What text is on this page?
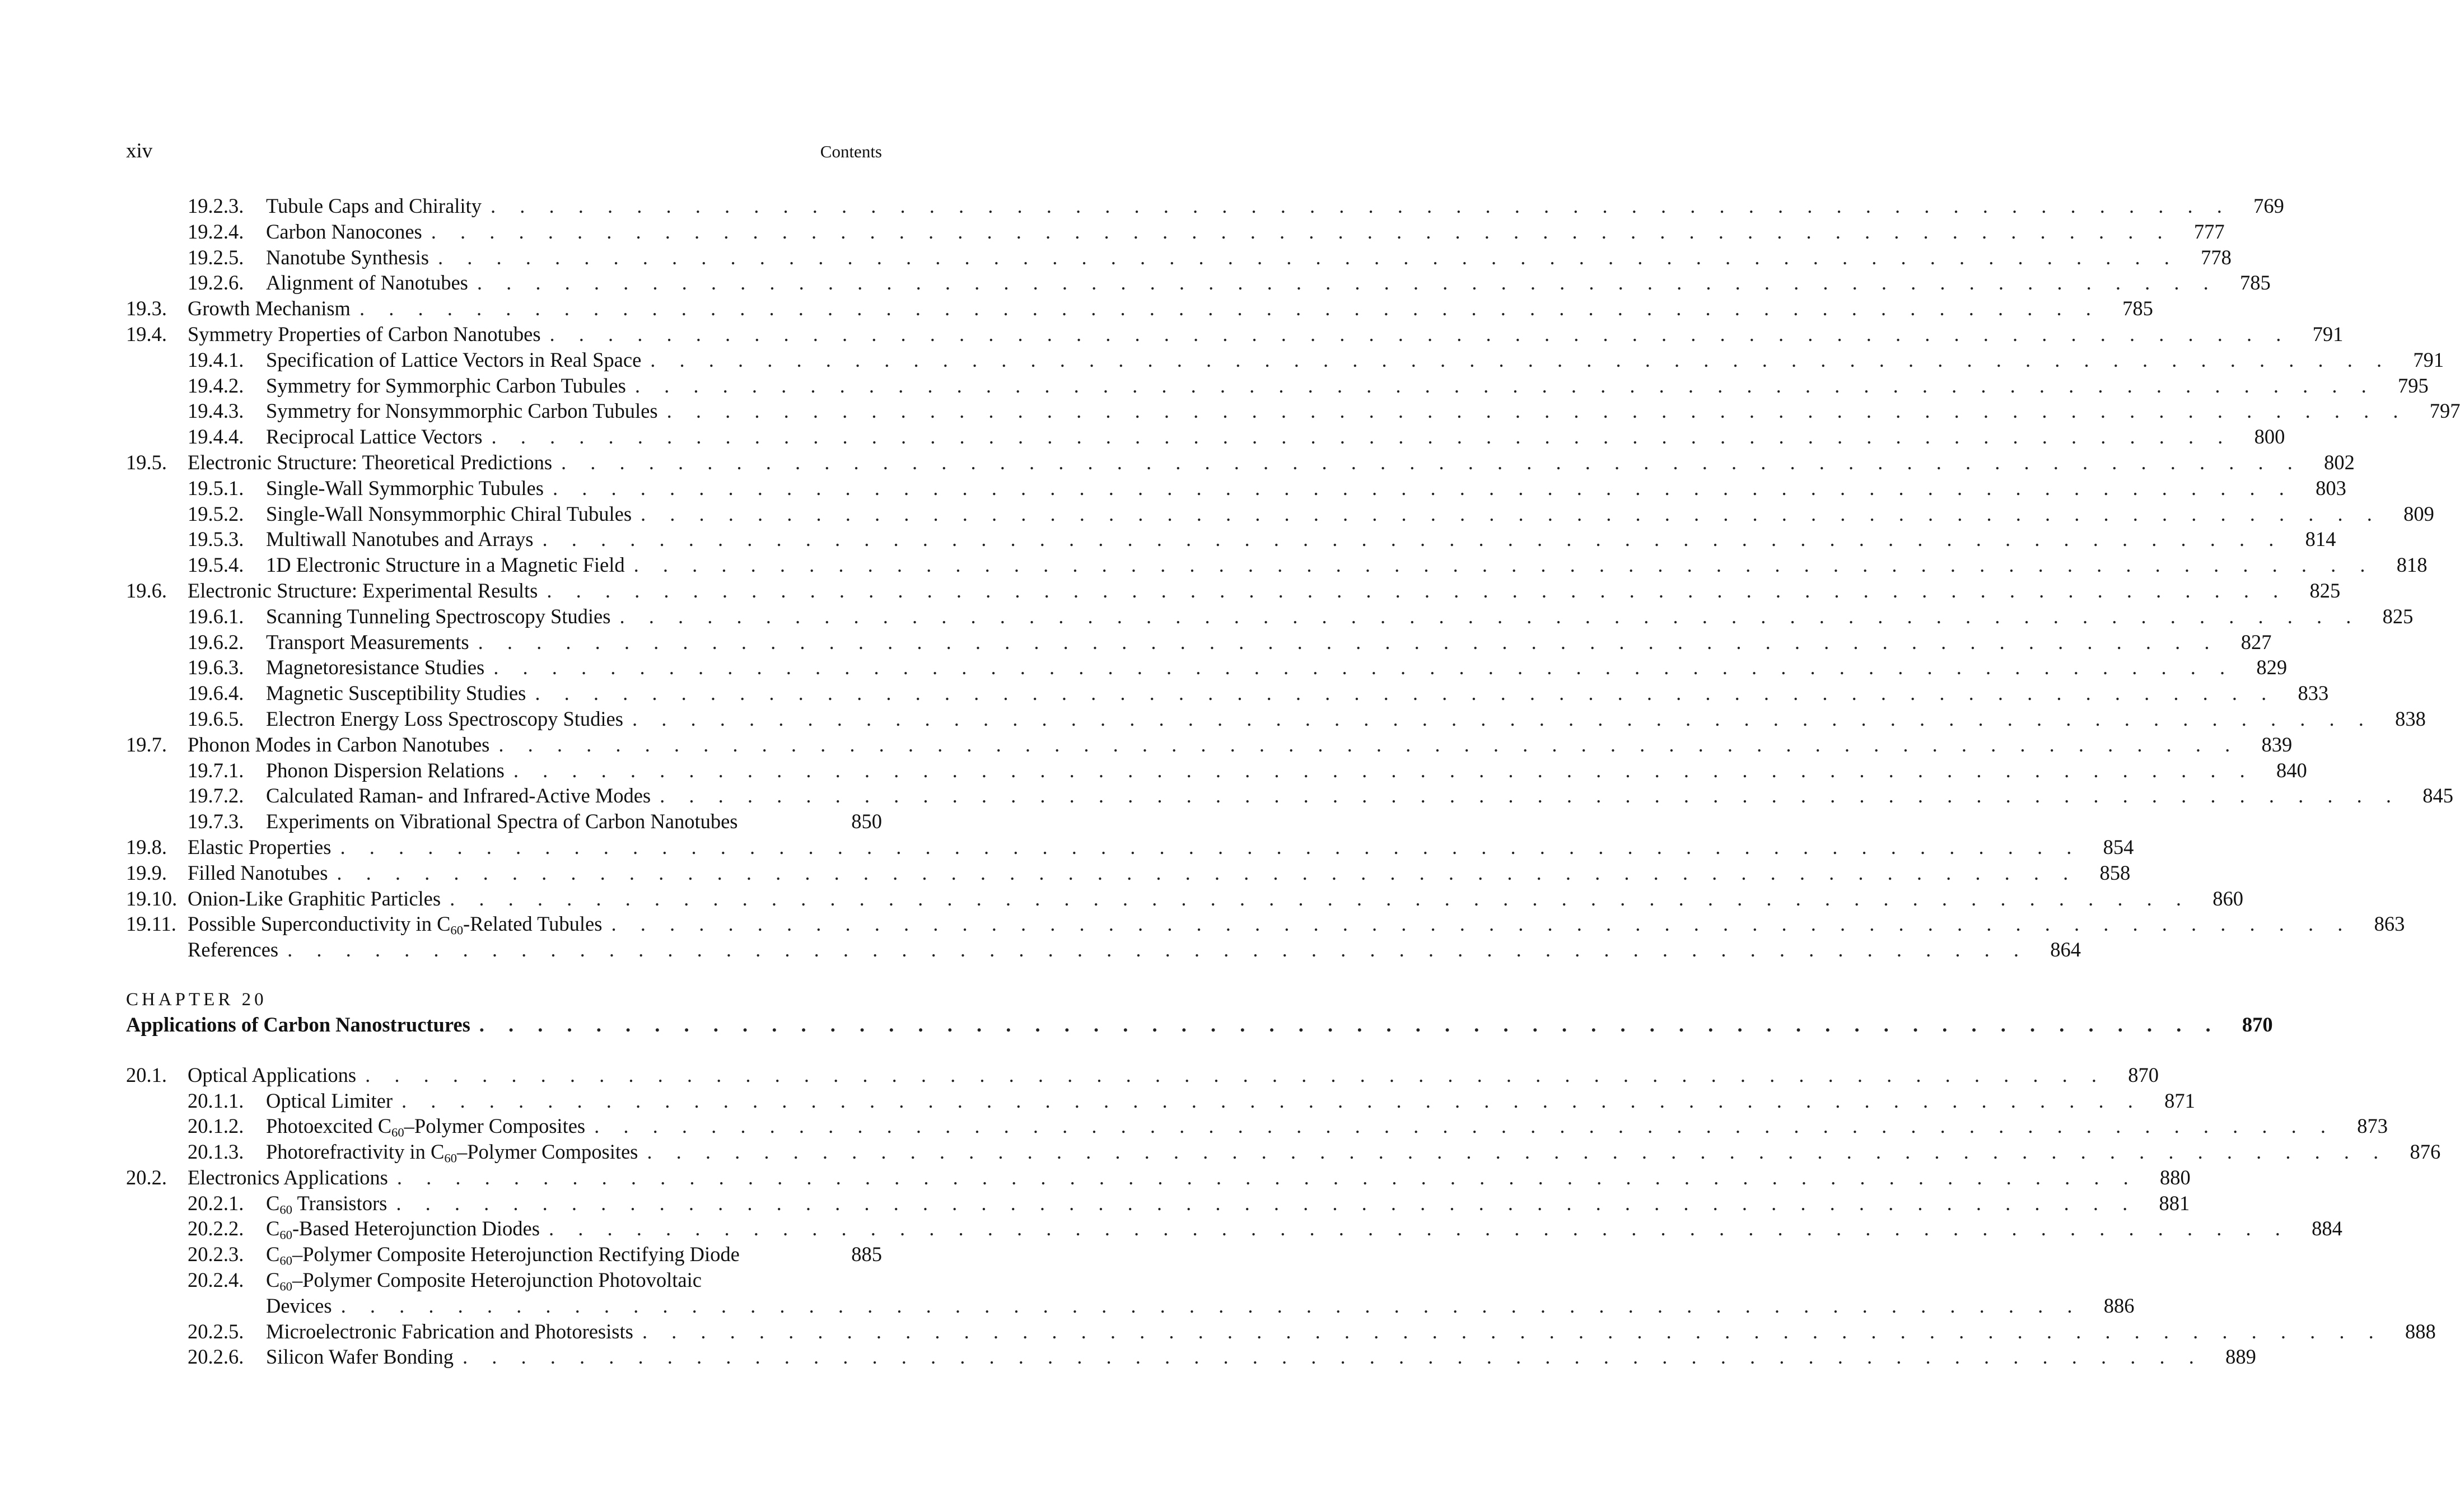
xiv	Contents
19.2.3.	Tubule Caps and Chirality . . . . . . . . . . . . . . . . . . . . . . . . . . . . . . . . . . . . . . . . . . . . . . . . . . . . . . . . . . . .	769
19.2.4.	Carbon Nanocones . . . . . . . . . . . . . . . . . . . . . . . . . . . . . . . . . . . . . . . . . . . . . . . . . . . . . . . . . . . .	777
19.2.5.	Nanotube Synthesis . . . . . . . . . . . . . . . . . . . . . . . . . . . . . . . . . . . . . . . . . . . . . . . . . . . . . . . . . . . .	778
19.2.6.	Alignment of Nanotubes . . . . . . . . . . . . . . . . . . . . . . . . . . . . . . . . . . . . . . . . . . . . . . . . . . . . . . . . . . . .	785
19.3.	Growth Mechanism . . . . . . . . . . . . . . . . . . . . . . . . . . . . . . . . . . . . . . . . . . . . . . . . . . . . . . . . . . . .	785
19.4.	Symmetry Properties of Carbon Nanotubes . . . . . . . . . . . . . . . . . . . . . . . . . . . . . . . . . . . . . . . . . . . . . . . . . . . . . . . . . . . .	791
19.4.1.	Specification of Lattice Vectors in Real Space . . . . . . . . . . . . . . . . . . . . . . . . . . . . . . . . . . . . . . . . . . . . . . . . . . . . . . . . . . . .	791
19.4.2.	Symmetry for Symmorphic Carbon Tubules . . . . . . . . . . . . . . . . . . . . . . . . . . . . . . . . . . . . . . . . . . . . . . . . . . . . . . . . . . . .	795
19.4.3.	Symmetry for Nonsymmorphic Carbon Tubules . . . . . . . . . . . . . . . . . . . . . . . . . . . . . . . . . . . . . . . . . . . . . . . . . . . . . . . . . . . .	797
19.4.4.	Reciprocal Lattice Vectors . . . . . . . . . . . . . . . . . . . . . . . . . . . . . . . . . . . . . . . . . . . . . . . . . . . . . . . . . . . .	800
19.5.	Electronic Structure: Theoretical Predictions . . . . . . . . . . . . . . . . . . . . . . . . . . . . . . . . . . . . . . . . . . . . . . . . . . . . . . . . . . . .	802
19.5.1.	Single-Wall Symmorphic Tubules . . . . . . . . . . . . . . . . . . . . . . . . . . . . . . . . . . . . . . . . . . . . . . . . . . . . . . . . . . . .	803
19.5.2.	Single-Wall Nonsymmorphic Chiral Tubules . . . . . . . . . . . . . . . . . . . . . . . . . . . . . . . . . . . . . . . . . . . . . . . . . . . . . . . . . . . .	809
19.5.3.	Multiwall Nanotubes and Arrays . . . . . . . . . . . . . . . . . . . . . . . . . . . . . . . . . . . . . . . . . . . . . . . . . . . . . . . . . . . .	814
19.5.4.	1D Electronic Structure in a Magnetic Field . . . . . . . . . . . . . . . . . . . . . . . . . . . . . . . . . . . . . . . . . . . . . . . . . . . . . . . . . . . .	818
19.6.	Electronic Structure: Experimental Results . . . . . . . . . . . . . . . . . . . . . . . . . . . . . . . . . . . . . . . . . . . . . . . . . . . . . . . . . . . .	825
19.6.1.	Scanning Tunneling Spectroscopy Studies . . . . . . . . . . . . . . . . . . . . . . . . . . . . . . . . . . . . . . . . . . . . . . . . . . . . . . . . . . . .	825
19.6.2.	Transport Measurements . . . . . . . . . . . . . . . . . . . . . . . . . . . . . . . . . . . . . . . . . . . . . . . . . . . . . . . . . . . .	827
19.6.3.	Magnetoresistance Studies . . . . . . . . . . . . . . . . . . . . . . . . . . . . . . . . . . . . . . . . . . . . . . . . . . . . . . . . . . . .	829
19.6.4.	Magnetic Susceptibility Studies . . . . . . . . . . . . . . . . . . . . . . . . . . . . . . . . . . . . . . . . . . . . . . . . . . . . . . . . . . . .	833
19.6.5.	Electron Energy Loss Spectroscopy Studies . . . . . . . . . . . . . . . . . . . . . . . . . . . . . . . . . . . . . . . . . . . . . . . . . . . . . . . . . . . .	838
19.7.	Phonon Modes in Carbon Nanotubes . . . . . . . . . . . . . . . . . . . . . . . . . . . . . . . . . . . . . . . . . . . . . . . . . . . . . . . . . . . .	839
19.7.1.	Phonon Dispersion Relations . . . . . . . . . . . . . . . . . . . . . . . . . . . . . . . . . . . . . . . . . . . . . . . . . . . . . . . . . . . .	840
19.7.2.	Calculated Raman- and Infrared-Active Modes . . . . . . . . . . . . . . . . . . . . . . . . . . . . . . . . . . . . . . . . . . . . . . . . . . . . . . . . . . . .	845
19.7.3.	Experiments on Vibrational Spectra of Carbon Nanotubes	850
19.8.	Elastic Properties . . . . . . . . . . . . . . . . . . . . . . . . . . . . . . . . . . . . . . . . . . . . . . . . . . . . . . . . . . . .	854
19.9.	Filled Nanotubes . . . . . . . . . . . . . . . . . . . . . . . . . . . . . . . . . . . . . . . . . . . . . . . . . . . . . . . . . . . .	858
19.10. Onion-Like Graphitic Particles . . . . . . . . . . . . . . . . . . . . . . . . . . . . . . . . . . . . . . . . . . . . . . . . . . . . . . . . . . . .	860
19.11. Possible Superconductivity in $C_{60}$-Related Tubules . . . . . . . . . . . . . . . . . . . . . . . . . . . . . . . . . . . . . . . . . . . . . . . . . . . . . . . . . . . .	863
References . . . . . . . . . . . . . . . . . . . . . . . . . . . . . . . . . . . . . . . . . . . . . . . . . . . . . . . . . . . .	864
CHAPTER 20
Applications of Carbon Nanostructures . . . . . . . . . . . . . . . . . . . . . . . . . . . . . . . . . . . . . . . . . . . . . . . . . . . . . . . . . . . .	870
20.1.	Optical Applications . . . . . . . . . . . . . . . . . . . . . . . . . . . . . . . . . . . . . . . . . . . . . . . . . . . . . . . . . . . .	870
20.1.1.	Optical Limiter . . . . . . . . . . . . . . . . . . . . . . . . . . . . . . . . . . . . . . . . . . . . . . . . . . . . . . . . . . . .	871
20.1.2.	Photoexcited $C_{60}$–Polymer Composites . . . . . . . . . . . . . . . . . . . . . . . . . . . . . . . . . . . . . . . . . . . . . . . . . . . . . . . . . . . .	873
20.1.3.	Photorefractivity in $C_{60}$–Polymer Composites . . . . . . . . . . . . . . . . . . . . . . . . . . . . . . . . . . . . . . . . . . . . . . . . . . . . . . . . . . . .	876
20.2.	Electronics Applications . . . . . . . . . . . . . . . . . . . . . . . . . . . . . . . . . . . . . . . . . . . . . . . . . . . . . . . . . . . .	880
20.2.1.	$C_{60}$ Transistors . . . . . . . . . . . . . . . . . . . . . . . . . . . . . . . . . . . . . . . . . . . . . . . . . . . . . . . . . . . .	881
20.2.2.	$C_{60}$-Based Heterojunction Diodes . . . . . . . . . . . . . . . . . . . . . . . . . . . . . . . . . . . . . . . . . . . . . . . . . . . . . . . . . . . .	884
20.2.3.	$C_{60}$–Polymer Composite Heterojunction Rectifying Diode	885
20.2.4.	$C_{60}$–Polymer Composite Heterojunction Photovoltaic
Devices . . . . . . . . . . . . . . . . . . . . . . . . . . . . . . . . . . . . . . . . . . . . . . . . . . . . . . . . . . . .	886
20.2.5.	Microelectronic Fabrication and Photoresists . . . . . . . . . . . . . . . . . . . . . . . . . . . . . . . . . . . . . . . . . . . . . . . . . . . . . . . . . . . .	888
20.2.6.	Silicon Wafer Bonding . . . . . . . . . . . . . . . . . . . . . . . . . . . . . . . . . . . . . . . . . . . . . . . . . . . . . . . . . . . .	889
